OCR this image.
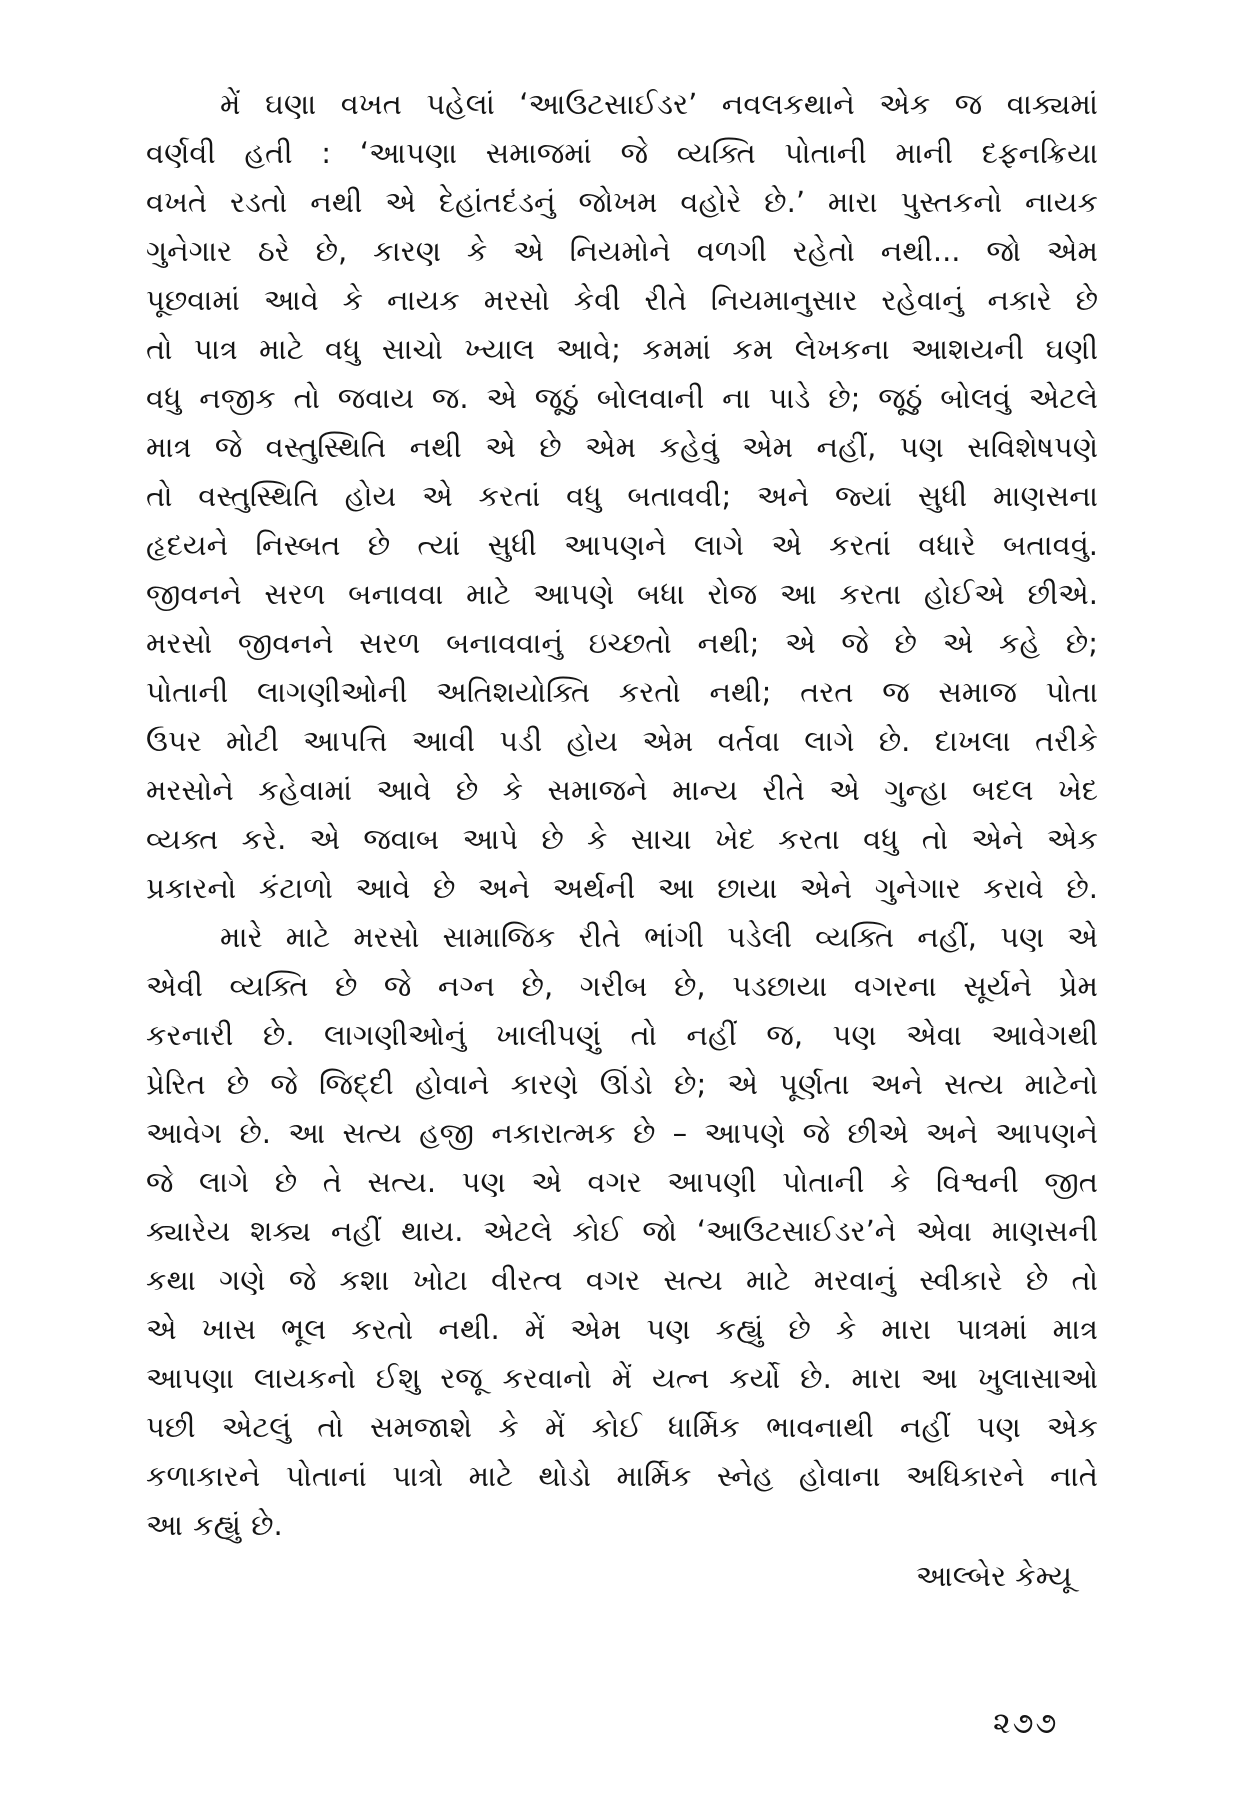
મેં ઘણા વખત પહેલાં ‘આઉટસાઈડર’ નવલકથાને એક જ વાક્યમાં
વર્ણવી હતી : ‘આપણા સમાજમાં જે વ્યક્તિ પોતાની માની દફનક્રિયા
વખતે રડતો નથી એ દેહાંતદંડનું જોખમ વહોરે છે.’ મારા પુસ્તકનો નાયક
ગુનેગાર ઠરે છે, કારણ કે એ નિયમોને વળગી રહેતો નથી... જો એમ
પૂછવામાં આવે કે નાયક મરસો કેવી રીતે નિયમાનુસાર રહેવાનું નકારે છે
તો પાત્ર માટે વધુ સાચો ખ્યાલ આવે; કમમાં કમ લેખકના આશયની ઘણી
વધુ નજીક તો જવાય જ. એ જૂઠું બોલવાની ના પાડે છે; જૂઠું બોલવું એટલે
માત્ર જે વસ્તુસ્થિતિ નથી એ છે એમ કહેવું એમ નહીં, પણ સવિશેષપણે
તો વસ્તુસ્થિતિ હોય એ કરતાં વધુ બતાવવી; અને જ્યાં સુધી માણસના
હૃદયને નિસ્બત છે ત્યાં સુધી આપણને લાગે એ કરતાં વધારે બતાવવું.
જીવનને સરળ બનાવવા માટે આપણે બધા રોજ આ કરતા હોઈએ છીએ.
મરસો જીવનને સરળ બનાવવાનું ઇચ્છતો નથી; એ જે છે એ કહે છે;
પોતાની લાગણીઓની અતિશયોક્તિ કરતો નથી; તરત જ સમાજ પોતા
ઉપર મોટી આપત્તિ આવી પડી હોય એમ વર્તવા લાગે છે. દાખલા તરીકે
મરસોને કહેવામાં આવે છે કે સમાજને માન્ય રીતે એ ગુન્હા બદલ ખેદ
વ્યક્ત કરે. એ જવાબ આપે છે કે સાચા ખેદ કરતા વધુ તો એને એક
પ્રકારનો કંટાળો આવે છે અને અર્થની આ છાયા એને ગુનેગાર કરાવે છે.
મારે માટે મરસો સામાજિક રીતે ભાંગી પડેલી વ્યક્તિ નહીં, પણ એ
એવી વ્યક્તિ છે જે નગ્ન છે, ગરીબ છે, પડછાયા વગરના સૂર્યને પ્રેમ
કરનારી છે. લાગણીઓનું ખાલીપણું તો નહીં જ, પણ એવા આવેગથી
પ્રેરિત છે જે જિદ્દી હોવાને કારણે ઊંડો છે; એ પૂર્ણતા અને સત્ય માટેનો
આવેગ છે. આ સત્ય હજી નકારાત્મક છે – આપણે જે છીએ અને આપણને
જે લાગે છે તે સત્ય. પણ એ વગર આપણી પોતાની કે વિશ્વની જીત
ક્યારેય શક્ય નહીં થાય. એટલે કોઈ જો ‘આઉટસાઈડર’ને એવા માણસની
કથા ગણે જે કશા ખોટા વીરત્વ વગર સત્ય માટે મરવાનું સ્વીકારે છે તો
એ ખાસ ભૂલ કરતો નથી. મેં એમ પણ કહ્યું છે કે મારા પાત્રમાં માત્ર
આપણા લાયકનો ઈશુ રજૂ કરવાનો મેં યત્ન કર્યો છે. મારા આ ખુલાસાઓ
પછી એટલું તો સમજાશે કે મેં કોઈ ધાર્મિક ભાવનાથી નહીં પણ એક
કળાકારને પોતાનાં પાત્રો માટે થોડો માર્મિક સ્નેહ હોવાના અધિકારને નાતે
આ કહ્યું છે.
આલ્બેર કેમ્યૂ
૨૭૭
